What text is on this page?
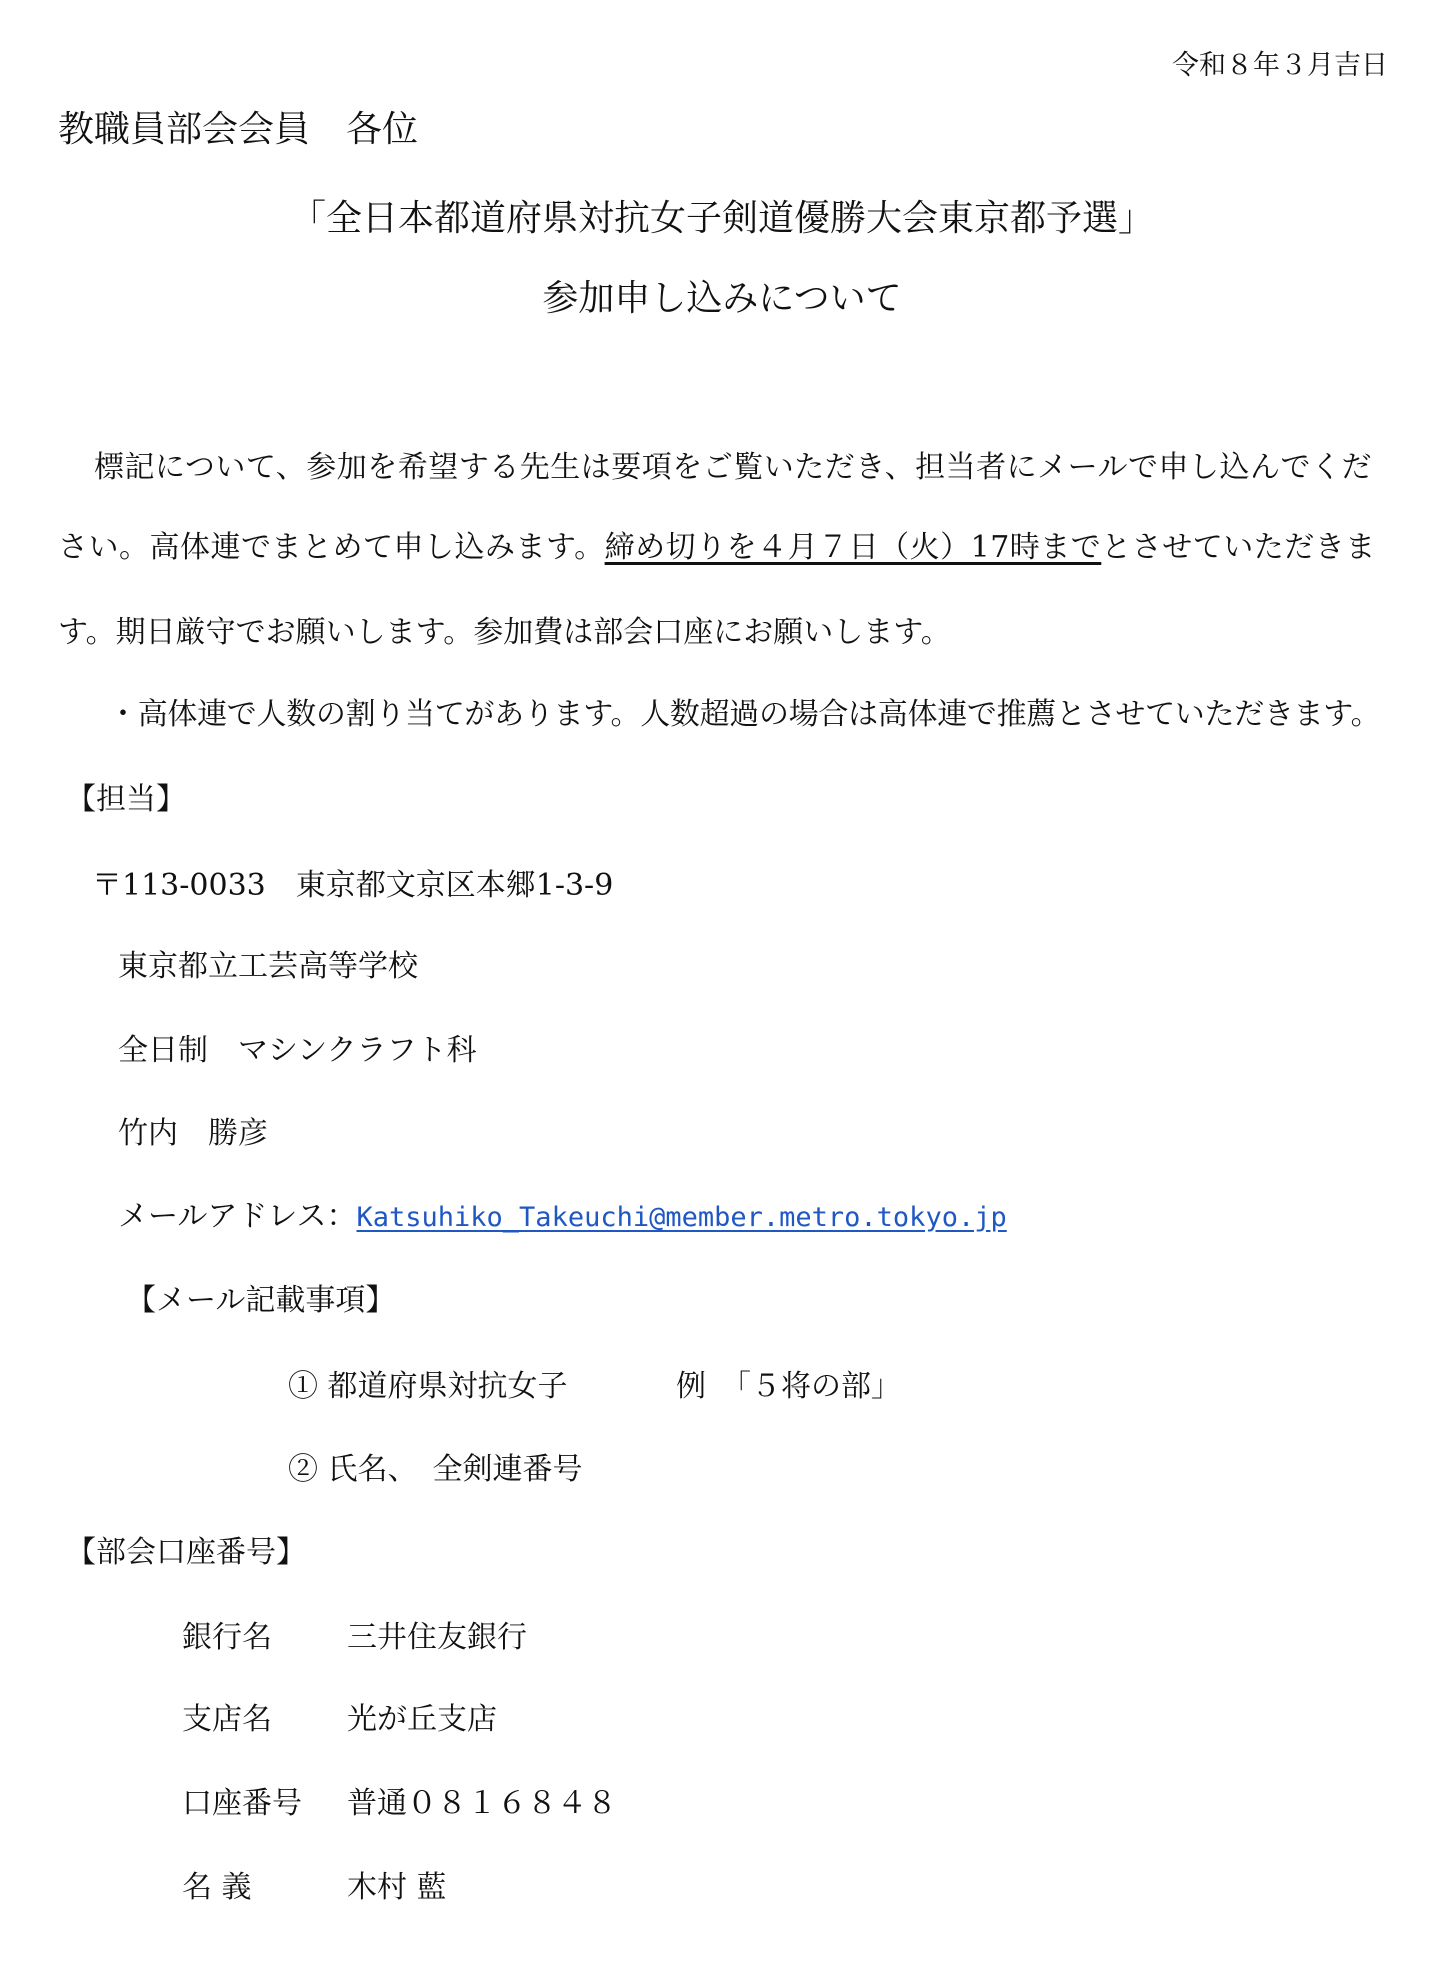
令和８年３月吉日
教職員部会会員　各位
「全日本都道府県対抗女子剣道優勝大会東京都予選」
参加申し込みについて
標記について、参加を希望する先生は要項をご覧いただき、担当者にメールで申し込んでくだ
さい。高体連でまとめて申し込みます。締め切りを４月７日（火）17時までとさせていただきま
す。期日厳守でお願いします。参加費は部会口座にお願いします。
・高体連で人数の割り当てがあります。人数超過の場合は高体連で推薦とさせていただきます。
【担当】
〒113-0033　東京都文京区本郷1-3-9
東京都立工芸高等学校
全日制　マシンクラフト科
竹内　勝彦
メールアドレス：Katsuhiko_Takeuchi@member.metro.tokyo.jp
【メール記載事項】
① 都道府県対抗女子	例　「５将の部」
② 氏名、　全剣連番号
【部会口座番号】
銀行名	三井住友銀行
支店名	光が丘支店
口座番号 普通０８１６８４８
名 義	木村 藍
